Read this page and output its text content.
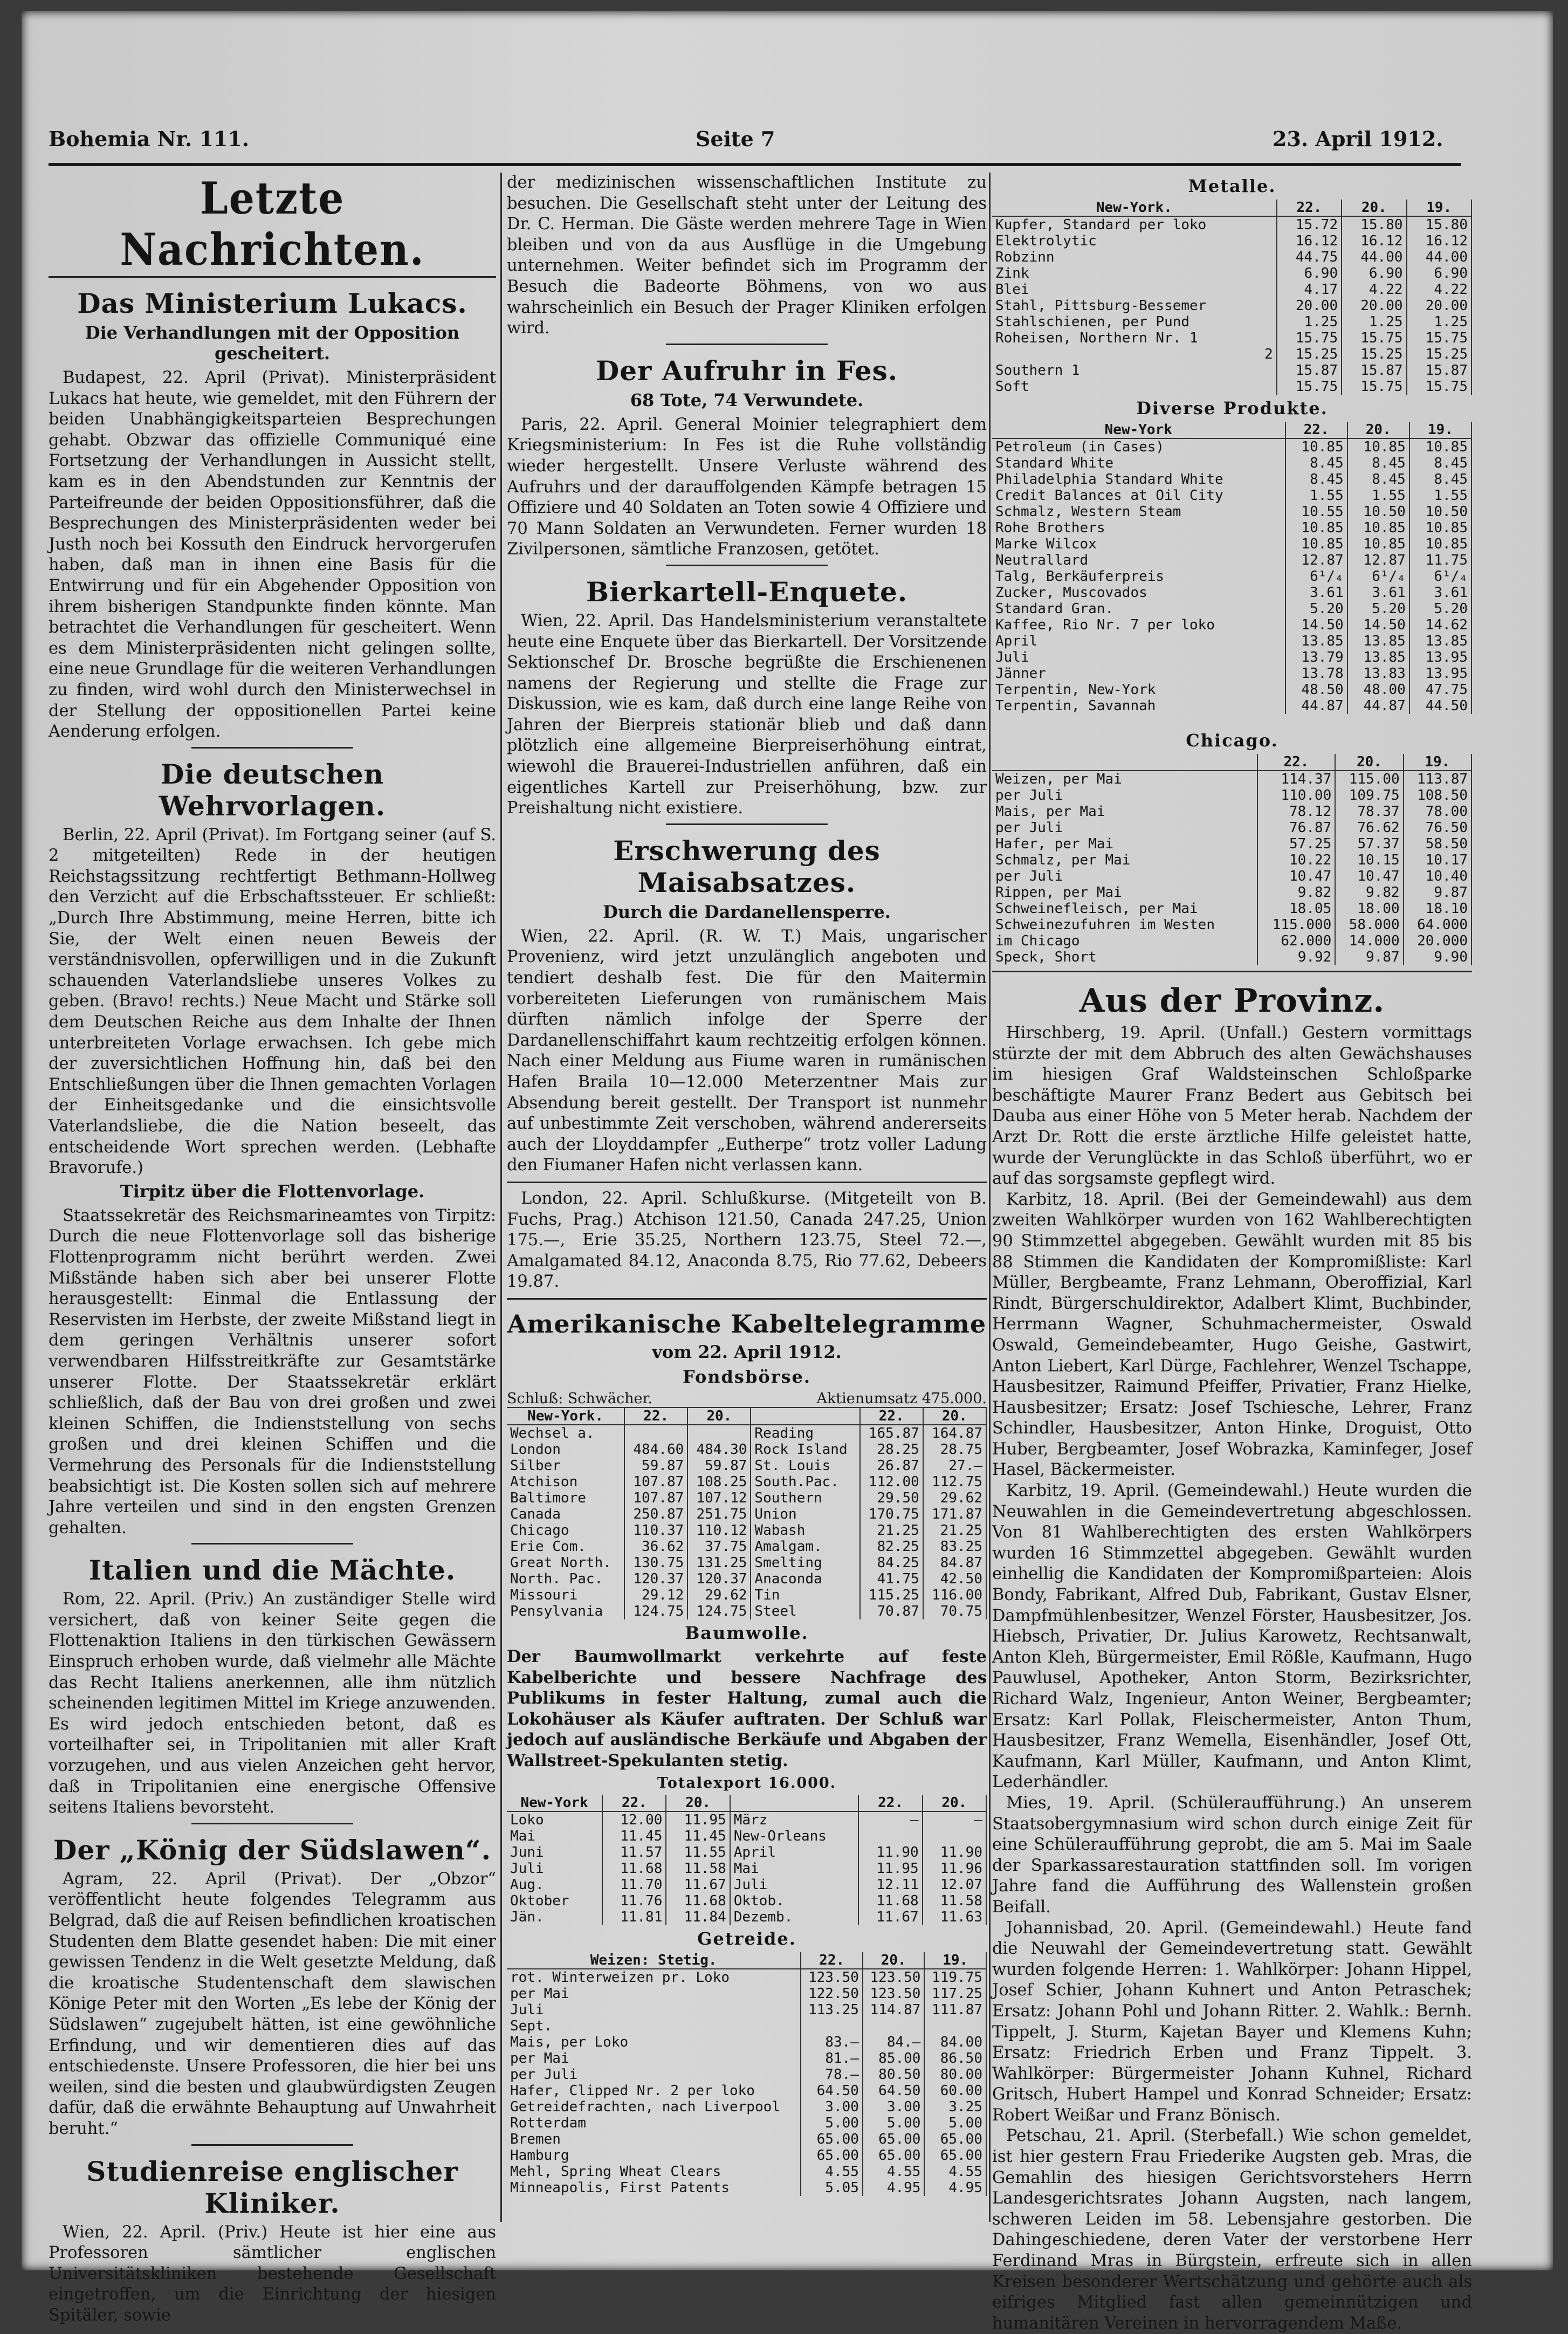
Bohemia Nr. 111.	Seite 7	23. April 1912.
Letzte Nachrichten.
Das Ministerium Lukacs.
Die Verhandlungen mit der Opposition gescheitert.

Budapest, 22. April (Privat). Ministerpräsident Lukacs hat heute, wie gemeldet, mit den Führern der beiden Unabhängigkeitsparteien Besprechungen gehabt. Obzwar das offizielle Communiqué eine Fortsetzung der Verhandlungen in Aussicht stellt, kam es in den Abendstunden zur Kenntnis der Parteifreunde der beiden Oppositionsführer, daß die Besprechungen des Ministerpräsidenten weder bei Justh noch bei Kossuth den Eindruck hervorgerufen haben, daß man in ihnen eine Basis für die Entwirrung und für ein Abgehender Opposition von ihrem bisherigen Standpunkte finden könnte. Man betrachtet die Verhandlungen für gescheitert. Wenn es dem Ministerpräsidenten nicht gelingen sollte, eine neue Grundlage für die weiteren Verhandlungen zu finden, wird wohl durch den Ministerwechsel in der Stellung der oppositionellen Partei keine Aenderung erfolgen.

Die deutschen Wehrvorlagen.

Berlin, 22. April (Privat). Im Fortgang seiner (auf S. 2 mitgeteilten) Rede in der heutigen Reichstagssitzung rechtfertigt Bethmann-Hollweg den Verzicht auf die Erbschaftssteuer. Er schließt: „Durch Ihre Abstimmung, meine Herren, bitte ich Sie, der Welt einen neuen Beweis der verständnisvollen, opferwilligen und in die Zukunft schauenden Vaterlandsliebe unseres Volkes zu geben. (Bravo! rechts.) Neue Macht und Stärke soll dem Deutschen Reiche aus dem Inhalte der Ihnen unterbreiteten Vorlage erwachsen. Ich gebe mich der zuversichtlichen Hoffnung hin, daß bei den Entschließungen über die Ihnen gemachten Vorlagen der Einheitsgedanke und die einsichtsvolle Vaterlandsliebe, die die Nation beseelt, das entscheidende Wort sprechen werden. (Lebhafte Bravorufe.)

Tirpitz über die Flottenvorlage.

Staatssekretär des Reichsmarineamtes von Tirpitz: Durch die neue Flottenvorlage soll das bisherige Flottenprogramm nicht berührt werden. Zwei Mißstände haben sich aber bei unserer Flotte herausgestellt: Einmal die Entlassung der Reservisten im Herbste, der zweite Mißstand liegt in dem geringen Verhältnis unserer sofort verwendbaren Hilfsstreitkräfte zur Gesamtstärke unserer Flotte. Der Staatssekretär erklärt schließlich, daß der Bau von drei großen und zwei kleinen Schiffen, die Indienststellung von sechs großen und drei kleinen Schiffen und die Vermehrung des Personals für die Indienststellung beabsichtigt ist. Die Kosten sollen sich auf mehrere Jahre verteilen und sind in den engsten Grenzen gehalten.

Italien und die Mächte.

Rom, 22. April. (Priv.) An zuständiger Stelle wird versichert, daß von keiner Seite gegen die Flottenaktion Italiens in den türkischen Gewässern Einspruch erhoben wurde, daß vielmehr alle Mächte das Recht Italiens anerkennen, alle ihm nützlich scheinenden legitimen Mittel im Kriege anzuwenden. Es wird jedoch entschieden betont, daß es vorteilhafter sei, in Tripolitanien mit aller Kraft vorzugehen, und aus vielen Anzeichen geht hervor, daß in Tripolitanien eine energische Offensive seitens Italiens bevorsteht.

Der „König der Südslawen“.

Agram, 22. April (Privat). Der „Obzor“ veröffentlicht heute folgendes Telegramm aus Belgrad, daß die auf Reisen befindlichen kroatischen Studenten dem Blatte gesendet haben: Die mit einer gewissen Tendenz in die Welt gesetzte Meldung, daß die kroatische Studentenschaft dem slawischen Könige Peter mit den Worten „Es lebe der König der Südslawen“ zugejubelt hätten, ist eine gewöhnliche Erfindung, und wir dementieren dies auf das entschiedenste. Unsere Professoren, die hier bei uns weilen, sind die besten und glaubwürdigsten Zeugen dafür, daß die erwähnte Behauptung auf Unwahrheit beruht.“

Studienreise englischer Kliniker.

Wien, 22. April. (Priv.) Heute ist hier eine aus Professoren sämtlicher englischen Universitätskliniken bestehende Gesellschaft eingetroffen, um die Einrichtung der hiesigen Spitäler, sowie

der medizinischen wissenschaftlichen Institute zu besuchen. Die Gesellschaft steht unter der Leitung des Dr. C. Herman. Die Gäste werden mehrere Tage in Wien bleiben und von da aus Ausflüge in die Umgebung unternehmen. Weiter befindet sich im Programm der Besuch die Badeorte Böhmens, von wo aus wahrscheinlich ein Besuch der Prager Kliniken erfolgen wird.

Der Aufruhr in Fes.
68 Tote, 74 Verwundete.

Paris, 22. April. General Moinier telegraphiert dem Kriegsministerium: In Fes ist die Ruhe vollständig wieder hergestellt. Unsere Verluste während des Aufruhrs und der darauffolgenden Kämpfe betragen 15 Offiziere und 40 Soldaten an Toten sowie 4 Offiziere und 70 Mann Soldaten an Verwundeten. Ferner wurden 18 Zivilpersonen, sämtliche Franzosen, getötet.

Bierkartell-Enquete.

Wien, 22. April. Das Handelsministerium veranstaltete heute eine Enquete über das Bierkartell. Der Vorsitzende Sektionschef Dr. Brosche begrüßte die Erschienenen namens der Regierung und stellte die Frage zur Diskussion, wie es kam, daß durch eine lange Reihe von Jahren der Bierpreis stationär blieb und daß dann plötzlich eine allgemeine Bierpreiserhöhung eintrat, wiewohl die Brauerei-Industriellen anführen, daß ein eigentliches Kartell zur Preiserhöhung, bzw. zur Preishaltung nicht existiere.

Erschwerung des Maisabsatzes.
Durch die Dardanellensperre.

Wien, 22. April. (R. W. T.) Mais, ungarischer Provenienz, wird jetzt unzulänglich angeboten und tendiert deshalb fest. Die für den Maitermin vorbereiteten Lieferungen von rumänischem Mais dürften nämlich infolge der Sperre der Dardanellenschiffahrt kaum rechtzeitig erfolgen können. Nach einer Meldung aus Fiume waren in rumänischen Hafen Braila 10—12.000 Meterzentner Mais zur Absendung bereit gestellt. Der Transport ist nunmehr auf unbestimmte Zeit verschoben, während andererseits auch der Lloyddampfer „Eutherpe“ trotz voller Ladung den Fiumaner Hafen nicht verlassen kann.

London, 22. April. Schlußkurse. (Mitgeteilt von B. Fuchs, Prag.) Atchison 121.50, Canada 247.25, Union 175.—, Erie 35.25, Northern 123.75, Steel 72.—, Amalgamated 84.12, Anaconda 8.75, Rio 77.62, Debeers 19.87.

Amerikanische Kabeltelegramme
vom 22. April 1912.
Fondsbörse.
Schluß: Schwächer.	Aktienumsatz 475.000.
New-York.	22.	20.		22.	20.
Wechsel a.			Reading	165.87	164.87
London	484.60	484.30	Rock Island	28.25	28.75
Silber	59.87	59.87	St. Louis	26.87	27.—
Atchison	107.87	108.25	South.Pac.	112.00	112.75
Baltimore	107.87	107.12	Southern	29.50	29.62
Canada	250.87	251.75	Union	170.75	171.87
Chicago	110.37	110.12	Wabash	21.25	21.25
Erie Com.	36.62	37.75	Amalgam.	82.25	83.25
Great North.	130.75	131.25	Smelting	84.25	84.87
North. Pac.	120.37	120.37	Anaconda	41.75	42.50
Missouri	29.12	29.62	Tin	115.25	116.00
Pensylvania	124.75	124.75	Steel	70.87	70.75
Baumwolle.

Der Baumwollmarkt verkehrte auf feste Kabelberichte und bessere Nachfrage des Publikums in fester Haltung, zumal auch die Lokohäuser als Käufer auftraten. Der Schluß war jedoch auf ausländische Berkäufe und Abgaben der Wallstreet-Spekulanten stetig.

Totalexport 16.000.
New-York	22.	20.		22.	20.
Loko	12.00	11.95	März	—	—
Mai	11.45	11.45	New-Orleans		
Juni	11.57	11.55	April	11.90	11.90
Juli	11.68	11.58	Mai	11.95	11.96
Aug.	11.70	11.67	Juli	12.11	12.07
Oktober	11.76	11.68	Oktob.	11.68	11.58
Jän.	11.81	11.84	Dezemb.	11.67	11.63
Getreide.
Weizen: Stetig.	22.	20.	19.
rot. Winterweizen pr. Loko	123.50	123.50	119.75
per Mai	122.50	123.50	117.25
Juli	113.25	114.87	111.87
Sept.			
Mais, per Loko	83.—	84.—	84.00
per Mai	81.—	85.00	86.50
per Juli	78.—	80.50	80.00
Hafer, Clipped Nr. 2 per loko	64.50	64.50	60.00
Getreidefrachten, nach Liverpool	3.00	3.00	3.25
Rotterdam	5.00	5.00	5.00
Bremen	65.00	65.00	65.00
Hamburg	65.00	65.00	65.00
Mehl, Spring Wheat Clears	4.55	4.55	4.55
Minneapolis, First Patents	5.05	4.95	4.95
Metalle.
New-York.	22.	20.	19.
Kupfer, Standard per loko	15.72	15.80	15.80
Elektrolytic	16.12	16.12	16.12
Robzinn	44.75	44.00	44.00
Zink	6.90	6.90	6.90
Blei	4.17	4.22	4.22
Stahl, Pittsburg-Bessemer	20.00	20.00	20.00
Stahlschienen, per Pund	1.25	1.25	1.25
Roheisen, Northern Nr. 1	15.75	15.75	15.75
2	15.25	15.25	15.25
Southern 1	15.87	15.87	15.87
Soft	15.75	15.75	15.75
Diverse Produkte.
New-York	22.	20.	19.
Petroleum (in Cases)	10.85	10.85	10.85
Standard White	8.45	8.45	8.45
Philadelphia Standard White	8.45	8.45	8.45
Credit Balances at Oil City	1.55	1.55	1.55
Schmalz, Western Steam	10.55	10.50	10.50
Rohe Brothers	10.85	10.85	10.85
Marke Wilcox	10.85	10.85	10.85
Neutrallard	12.87	12.87	11.75
Talg, Berkäuferpreis	6¹/₄	6¹/₄	6¹/₄
Zucker, Muscovados	3.61	3.61	3.61
Standard Gran.	5.20	5.20	5.20
Kaffee, Rio Nr. 7 per loko	14.50	14.50	14.62
April	13.85	13.85	13.85
Juli	13.79	13.85	13.95
Jänner	13.78	13.83	13.95
Terpentin, New-York	48.50	48.00	47.75
Terpentin, Savannah	44.87	44.87	44.50
Chicago.
	22.	20.	19.
Weizen, per Mai	114.37	115.00	113.87
per Juli	110.00	109.75	108.50
Mais, per Mai	78.12	78.37	78.00
per Juli	76.87	76.62	76.50
Hafer, per Mai	57.25	57.37	58.50
Schmalz, per Mai	10.22	10.15	10.17
per Juli	10.47	10.47	10.40
Rippen, per Mai	9.82	9.82	9.87
Schweinefleisch, per Mai	18.05	18.00	18.10
Schweinezufuhren im Westen	115.000	58.000	64.000
im Chicago	62.000	14.000	20.000
Speck, Short	9.92	9.87	9.90
Aus der Provinz.

Hirschberg, 19. April. (Unfall.) Gestern vormittags stürzte der mit dem Abbruch des alten Gewächshauses im hiesigen Graf Waldsteinschen Schloßparke beschäftigte Maurer Franz Bedert aus Gebitsch bei Dauba aus einer Höhe von 5 Meter herab. Nachdem der Arzt Dr. Rott die erste ärztliche Hilfe geleistet hatte, wurde der Verunglückte in das Schloß überführt, wo er auf das sorgsamste gepflegt wird.

Karbitz, 18. April. (Bei der Gemeindewahl) aus dem zweiten Wahlkörper wurden von 162 Wahlberechtigten 90 Stimmzettel abgegeben. Gewählt wurden mit 85 bis 88 Stimmen die Kandidaten der Kompromißliste: Karl Müller, Bergbeamte, Franz Lehmann, Oberoffizial, Karl Rindt, Bürgerschuldirektor, Adalbert Klimt, Buchbinder, Herrmann Wagner, Schuhmachermeister, Oswald Oswald, Gemeindebeamter, Hugo Geishe, Gastwirt, Anton Liebert, Karl Dürge, Fachlehrer, Wenzel Tschappe, Hausbesitzer, Raimund Pfeiffer, Privatier, Franz Hielke, Hausbesitzer; Ersatz: Josef Tschiesche, Lehrer, Franz Schindler, Hausbesitzer, Anton Hinke, Droguist, Otto Huber, Bergbeamter, Josef Wobrazka, Kaminfeger, Josef Hasel, Bäckermeister.

Karbitz, 19. April. (Gemeindewahl.) Heute wurden die Neuwahlen in die Gemeindevertretung abgeschlossen. Von 81 Wahlberechtigten des ersten Wahlkörpers wurden 16 Stimmzettel abgegeben. Gewählt wurden einhellig die Kandidaten der Kompromißparteien: Alois Bondy, Fabrikant, Alfred Dub, Fabrikant, Gustav Elsner, Dampfmühlenbesitzer, Wenzel Förster, Hausbesitzer, Jos. Hiebsch, Privatier, Dr. Julius Karowetz, Rechtsanwalt, Anton Kleh, Bürgermeister, Emil Rößle, Kaufmann, Hugo Pauwlusel, Apotheker, Anton Storm, Bezirksrichter, Richard Walz, Ingenieur, Anton Weiner, Bergbeamter; Ersatz: Karl Pollak, Fleischermeister, Anton Thum, Hausbesitzer, Franz Wemella, Eisenhändler, Josef Ott, Kaufmann, Karl Müller, Kaufmann, und Anton Klimt, Lederhändler.

Mies, 19. April. (Schüleraufführung.) An unserem Staatsobergymnasium wird schon durch einige Zeit für eine Schüleraufführung geprobt, die am 5. Mai im Saale der Sparkassarestauration stattfinden soll. Im vorigen Jahre fand die Aufführung des Wallenstein großen Beifall.

Johannisbad, 20. April. (Gemeindewahl.) Heute fand die Neuwahl der Gemeindevertretung statt. Gewählt wurden folgende Herren: 1. Wahlkörper: Johann Hippel, Josef Schier, Johann Kuhnert und Anton Petraschek; Ersatz: Johann Pohl und Johann Ritter. 2. Wahlk.: Bernh. Tippelt, J. Sturm, Kajetan Bayer und Klemens Kuhn; Ersatz: Friedrich Erben und Franz Tippelt. 3. Wahlkörper: Bürgermeister Johann Kuhnel, Richard Gritsch, Hubert Hampel und Konrad Schneider; Ersatz: Robert Weißar und Franz Bönisch.

Petschau, 21. April. (Sterbefall.) Wie schon gemeldet, ist hier gestern Frau Friederike Augsten geb. Mras, die Gemahlin des hiesigen Gerichtsvorstehers Herrn Landesgerichtsrates Johann Augsten, nach langem, schweren Leiden im 58. Lebensjahre gestorben. Die Dahingeschiedene, deren Vater der verstorbene Herr Ferdinand Mras in Bürgstein, erfreute sich in allen Kreisen besonderer Wertschätzung und gehörte auch als eifriges Mitglied fast allen gemeinnützigen und humanitären Vereinen in hervorragendem Maße.
